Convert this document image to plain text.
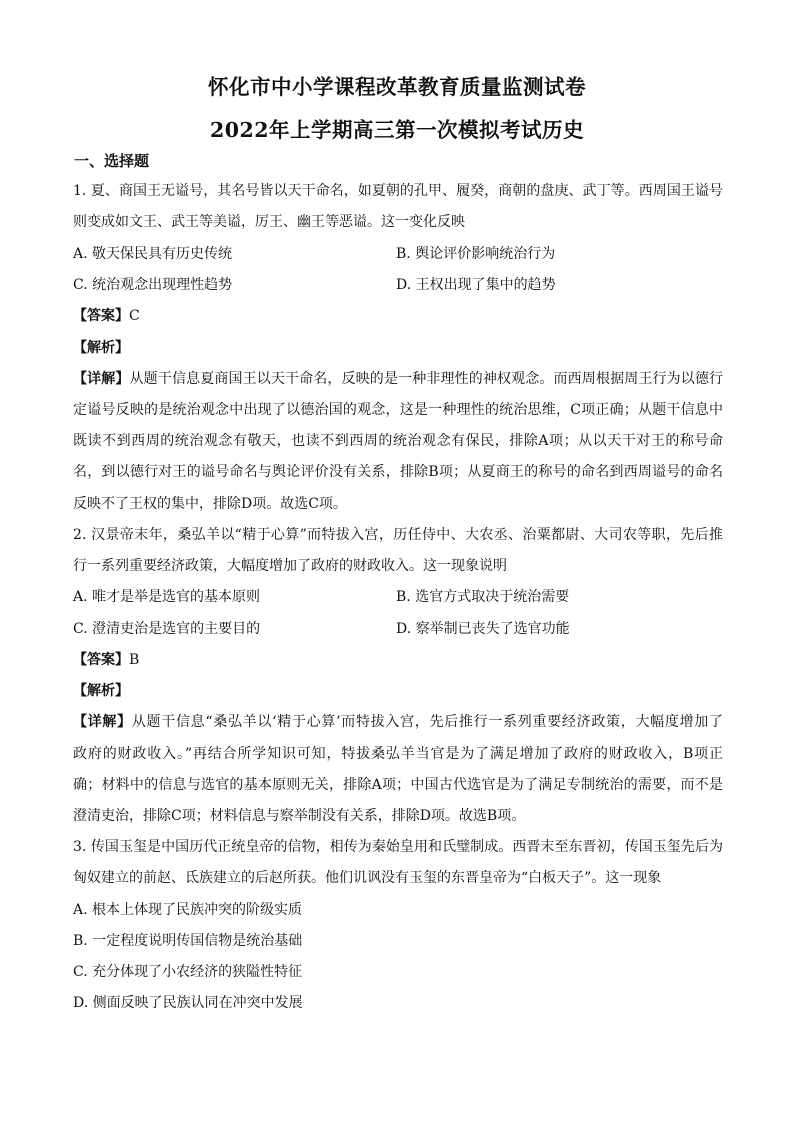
怀化市中小学课程改革教育质量监测试卷
2022年上学期高三第一次模拟考试历史
一、选择题
1. 夏、商国王无谥号，其名号皆以天干命名，如夏朝的孔甲、履癸，商朝的盘庚、武丁等。西周国王谥号
则变成如文王、武王等美谥，厉王、幽王等恶谥。这一变化反映
A. 敬天保民具有历史传统	B. 舆论评价影响统治行为
C. 统治观念出现理性趋势	D. 王权出现了集中的趋势
【答案】C
【解析】
【详解】从题干信息夏商国王以天干命名，反映的是一种非理性的神权观念。而西周根据周王行为以德行
定谥号反映的是统治观念中出现了以德治国的观念，这是一种理性的统治思维，C项正确；从题干信息中
既读不到西周的统治观念有敬天，也读不到西周的统治观念有保民，排除A项；从以天干对王的称号命
名，到以德行对王的谥号命名与舆论评价没有关系，排除B项；从夏商王的称号的命名到西周谥号的命名
反映不了王权的集中，排除D项。故选C项。
2. 汉景帝末年，桑弘羊以“精于心算”而特拔入宫，历任侍中、大农丞、治粟都尉、大司农等职，先后推
行一系列重要经济政策，大幅度增加了政府的财政收入。这一现象说明
A. 唯才是举是选官的基本原则	B. 选官方式取决于统治需要
C. 澄清吏治是选官的主要目的	D. 察举制已丧失了选官功能
【答案】B
【解析】
【详解】从题干信息“桑弘羊以‘精于心算’而特拔入宫，先后推行一系列重要经济政策，大幅度增加了
政府的财政收入。”再结合所学知识可知，特拔桑弘羊当官是为了满足增加了政府的财政收入，B项正
确；材料中的信息与选官的基本原则无关，排除A项；中国古代选官是为了满足专制统治的需要，而不是
澄清吏治，排除C项；材料信息与察举制没有关系，排除D项。故选B项。
3. 传国玉玺是中国历代正统皇帝的信物，相传为秦始皇用和氏璧制成。西晋末至东晋初，传国玉玺先后为
匈奴建立的前赵、氐族建立的后赵所获。他们讥讽没有玉玺的东晋皇帝为“白板天子”。这一现象
A. 根本上体现了民族冲突的阶级实质
B. 一定程度说明传国信物是统治基础
C. 充分体现了小农经济的狭隘性特征
D. 侧面反映了民族认同在冲突中发展
